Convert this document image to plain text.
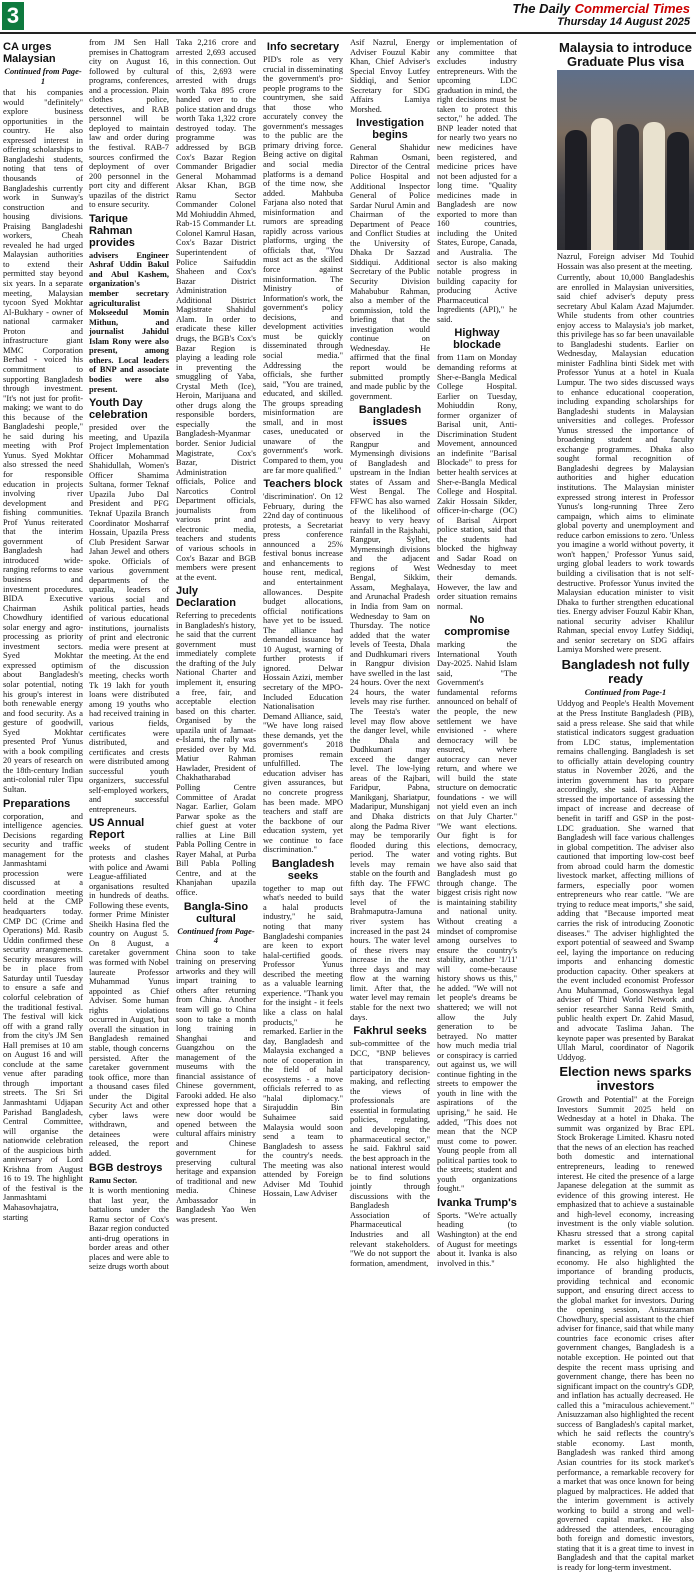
3	The Daily Commercial Times
Thursday 14 August 2025
CA urges Malaysian
Continued from Page-1

that his companies would "definitely" explore business opportunities in the country. He also expressed interest in offering scholarships to Bangladeshi students, noting that tens of thousands of Bangladeshis currently work in Sunway's construction and housing divisions. Praising Bangladeshi workers, Cheah revealed he had urged Malaysian authorities to extend their permitted stay beyond six years. In a separate meeting, Malaysian tycoon Syed Mokhtar Al-Bukhary - owner of national carmaker Proton and infrastructure giant MMC Corporation Berhad - voiced his commitment to supporting Bangladesh through investment. "It's not just for profit-making; we want to do this because of the Bangladeshi people," he said during his meeting with Prof Yunus. Syed Mokhtar also stressed the need for responsible education in projects involving river development and fishing communities. Prof Yunus reiterated that the interim government of Bangladesh had introduced wide-ranging reforms to ease business and investment procedures. BIDA Executive Chairman Ashik Chowdhury identified solar energy and agro-processing as priority investment sectors. Syed Mokhtar expressed optimism about Bangladesh's solar potential, noting his group's interest in both renewable energy and food security. As a gesture of goodwill, Syed Mokhtar presented Prof Yunus with a book compiling 20 years of research on the 18th-century Indian anti-colonial ruler Tipu Sultan.

Preparations

corporation, and intelligence agencies. Decisions regarding security and traffic management for the Janmashtami procession were discussed at a coordination meeting held at the CMP headquarters today. CMP DC (Crime and Operations) Md. Rasib Uddin confirmed these security arrangements. Security measures will be in place from Saturday until Tuesday to ensure a safe and colorful celebration of the traditional festival. The festival will kick off with a grand rally from the city's JM Sen Hall premises at 10 am on August 16 and will conclude at the same venue after parading through important streets. The Sri Sri Janmashtami Udjapan Parishad Bangladesh, Central Committee, will organise the nationwide celebration of the auspicious birth anniversary of Lord Krishna from August 16 to 19. The highlight of the festival is the Janmashtami Mahasovhajatra, starting

from JM Sen Hall premises in Chattogram city on August 16, followed by cultural programs, conferences, and a procession. Plain clothes police, detectives, and RAB personnel will be deployed to maintain law and order during the festival. RAB-7 sources confirmed the deployment of over 200 personnel in the port city and different upazilas of the district to ensure security.

Tarique Rahman provides

advisers Engineer Ashraf Uddin Bakul and Abul Kashem, organization's member secretary agriculturalist Mokseedul Momin Mithun, and journalist Jahidul Islam Rony were also present, among others. Local leaders of BNP and associate bodies were also present.

Youth Day celebration

presided over the meeting, and Upazila Project Implementation Officer Mohammad Shahidullah, Women's Officer Shamima Sultana, former Teknaf Upazila Jubo Dal President and PFG Teknaf Upazila Branch Coordinator Mosharraf Hossain, Upazila Press Club President Sarwar Jahan Jewel and others spoke. Officials of various government departments of the upazila, leaders of various social and political parties, heads of various educational institutions, journalists of print and electronic media were present at the meeting. At the end of the discussion meeting, checks worth Tk 19 lakh for youth loans were distributed among 19 youths who had received training in various fields, certificates were distributed, and certificates and crests were distributed among successful youth organizers, successful self-employed workers, and successful entrepreneurs.

US Annual Report

weeks of student protests and clashes with police and Awami League-affiliated organisations resulted in hundreds of deaths. Following these events, former Prime Minister Sheikh Hasina fled the country on August 5. On 8 August, a caretaker government was formed with Nobel laureate Professor Muhammad Yunus appointed as Chief Adviser. Some human rights violations occurred in August, but overall the situation in Bangladesh remained stable, though concerns persisted. After the caretaker government took office, more than a thousand cases filed under the Digital Security Act and other cyber laws were withdrawn, and detainees were released, the report added.

BGB destroys

Ramu Sector.

It is worth mentioning that last year, the battalions under the Ramu sector of Cox's Bazar region conducted anti-drug operations in border areas and other places and were able to seize drugs worth about

Taka 2,216 crore and arrested 2,693 accused in this connection. Out of this, 2,693 were arrested with drugs worth Taka 895 crore handed over to the police station and drugs worth Taka 1,322 crore destroyed today. The programme was addressed by BGB Cox's Bazar Region Commander Brigadier General Mohammad Aksar Khan, BGB Ramu Sector Commander Colonel Md Mohiuddin Ahmed, Rab-15 Commander Lt. Colonel Kamrul Hasan, Cox's Bazar District Superintendent of Police Saifuddin Shaheen and Cox's Bazar District Administration Additional District Magistrate Shahidul Alam. In order to eradicate these killer drugs, the BGB's Cox's Bazar Region is playing a leading role in preventing the smuggling of Yaba, Crystal Meth (Ice), Heroin, Marijuana and other drugs along the responsible borders, especially the Bangladesh-Myanmar border. Senior Judicial Magistrate, Cox's Bazar, District Administration officials, Police and Narcotics Control Department officials, journalists from various print and electronic media, teachers and students of various schools in Cox's Bazar and BGB members were present at the event.

July Declaration

Referring to precedents in Bangladesh's history, he said that the current government must immediately complete the drafting of the July National Charter and implement it, ensuring a free, fair, and acceptable election based on this charter. Organised by the upazila unit of Jamaat-e-Islami, the rally was presided over by Md. Matiur Rahman Hawlader, President of Chakhatharabad Polling Centre Committee of Aradat Nagar. Earlier, Golam Parwar spoke as the chief guest at voter rallies at Line Bill Pabla Polling Centre in Rayer Mahal, at Purba Bill Pabla Polling Centre, and at the Khanjahan upazila office.

Bangla-Sino cultural
Continued from Page-4

China soon to take training on preserving artworks and they will impart training to others after returning from China. Another team will go to China soon to take a month long training in Shanghai and Guangzhou on the management of the museums with the financial assistance of Chinese government, Farooki added. He also expressed hope that a new door would be opened between the cultural affairs ministry and Chinese government for preserving cultural heritage and expansion of traditional and new media. Chinese Ambassador in Bangladesh Yao Wen was present.

Info secretary

PID's role as very crucial in disseminating the government's pro-people programs to the countrymen, she said that those who accurately convey the government's messages to the public are the primary driving force. Being active on digital and social media platforms is a demand of the time now, she added. Mahbuba Farjana also noted that misinformation and rumors are spreading rapidly across various platforms, urging the officials that, "You must act as the skilled force against misinformation. The Ministry of Information's work, the government's policy decisions, and development activities must be quickly disseminated through social media." Addressing the officials, she further said, "You are trained, educated, and skilled. The groups spreading misinformation are small, and in most cases, uneducated or unaware of the government's work. Compared to them, you are far more qualified."

Teachers block

'discrimination'. On 12 February, during the 22nd day of continuous protests, a Secretariat press conference announced a 25% festival bonus increase and enhancements to house rent, medical, and entertainment allowances. Despite budget allocations, official notifications have yet to be issued. The alliance had demanded issuance by 10 August, warning of further protests if ignored. Delwar Hossain Azizi, member secretary of the MPO-Included Education Nationalisation Demand Alliance, said, "We have long raised these demands, yet the government's 2018 promises remain unfulfilled. The education adviser has given assurances, but no concrete progress has been made. MPO teachers and staff are the backbone of our education system, yet we continue to face discrimination."

Bangladesh seeks

together to map out what's needed to build a halal products industry," he said, noting that many Bangladeshi companies are keen to export halal-certified goods. Professor Yunus described the meeting as a valuable learning experience. "Thank you for the insight - it feels like a class on halal products," he remarked. Earlier in the day, Bangladesh and Malaysia exchanged a note of cooperation in the field of halal ecosystems - a move officials referred to as "halal diplomacy." Sirajuddin Bin Suhaimee said Malaysia would soon send a team to Bangladesh to assess the country's needs. The meeting was also attended by Foreign Adviser Md Touhid Hossain, Law Adviser

Asif Nazrul, Energy Adviser Fouzul Kabir Khan, Chief Adviser's Special Envoy Lutfey Siddiqi, and Senior Secretary for SDG Affairs Lamiya Morshed.

Investigation begins

General Shahidur Rahman Osmani, Director of the Central Police Hospital and Additional Inspector General of Police Sardar Nurul Amin and Chairman of the Department of Peace and Conflict Studies at the University of Dhaka Dr Sazzad Siddiqui. Additional Secretary of the Public Security Division Mahabubur Rahman, also a member of the commission, told the briefing that the investigation would continue on Wednesday. He affirmed that the final report would be submitted promptly and made public by the government.

Bangladesh issues

observed in the Rangpur and Mymensingh divisions of Bangladesh and upstream in the Indian states of Assam and West Bengal. The FFWC has also warned of the likelihood of heavy to very heavy rainfall in the Rajshahi, Rangpur, Sylhet, Mymensingh divisions and the adjacent regions of West Bengal, Sikkim, Assam, Meghalaya, and Arunachal Pradesh in India from 9am on Wednesday to 9am on Thursday. The notice added that the water levels of Teesta, Dhala and Dudhkumari rivers in Rangpur division have swelled in the last 24 hours. Over the next 24 hours, the water levels may rise further. The Teesta's water level may flow above the danger level, while the Dhala and Dudhkumari may exceed the danger level. The low-lying areas of the Rajbari, Faridpur, Pabna, Manikganj, Shariatpur, Madaripur, Munshiganj and Dhaka districts along the Padma River may be temporarily flooded during this period. The water levels may remain stable on the fourth and fifth day. The FFWC says that the water level of the Brahmaputra-Jamuna river system has increased in the past 24 hours. The water level of these rivers may increase in the next three days and may flow at the warning limit. After that, the water level may remain stable for the next two days.

Fakhrul seeks

sub-committee of the DCC, "BNP believes that transparency, participatory decision-making, and reflecting the views of professionals are essential in formulating policies, regulating, and developing the pharmaceutical sector," he said. Fakhrul said the best approach in the national interest would be to find solutions jointly through discussions with the Bangladesh Association of Pharmaceutical Industries and all relevant stakeholders. "We do not support the formation, amendment,

or implementation of any committee that excludes industry entrepreneurs. With the upcoming LDC graduation in mind, the right decisions must be taken to protect this sector," he added. The BNP leader noted that for nearly two years no new medicines have been registered, and medicine prices have not been adjusted for a long time. "Quality medicines made in Bangladesh are now exported to more than 160 countries, including the United States, Europe, Canada, and Australia. The sector is also making notable progress in building capacity for producing Active Pharmaceutical Ingredients (API)," he said.

Highway blockade

from 11am on Monday demanding reforms at Sher-e-Bangla Medical College Hospital. Earlier on Tuesday, Mohiuddin Rony, former organizer of Barisal unit, Anti-Discrimination Student Movement, announced an indefinite "Barisal Blockade" to press for better health services at Sher-e-Bangla Medical College and Hospital. Zakir Hossain Sikder, officer-in-charge (OC) of Barisal Airport police station, said that the students had blocked the highway and Sadar Road on Wednesday to meet their demands. However, the law and order situation remains normal.

No compromise

marking the International Youth Day-2025. Nahid Islam said, "The Government's fundamental reforms announced on behalf of the people, the new settlement we have envisioned - where democracy will be ensured, where autocracy can never return, and where we will build the state structure on democratic foundations - we will not yield even an inch on that July Charter." "We want elections. Our fight is for elections, democracy, and voting rights. But we have also said that Bangladesh must go through change. The biggest crisis right now is maintaining stability and national unity. Without creating a mindset of compromise among ourselves to ensure the country's stability, another '1/11' will come-because history shows us this," he added. "We will not let people's dreams be shattered; we will not allow the July generation to be betrayed. No matter how much media trial or conspiracy is carried out against us, we will continue fighting in the streets to empower the youth in line with the aspirations of the uprising," he said. He added, "This does not mean that the NCP must come to power. Young people from all political parties took to the streets; student and youth organizations fought."

Ivanka Trump's

Sports. "We're actually heading (to Washington) at the end of August for meetings about it. Ivanka is also involved in this."

Malaysia to introduce Graduate Plus visa

Nazrul, Foreign adviser Md Touhid Hossain was also present at the meeting.

Currently, about 10,000 Bangladeshis are enrolled in Malaysian universities, said chief adviser's deputy press secretary Abul Kalam Azad Majumder. While students from other countries enjoy access to Malaysia's job market, this privilege has so far been unavailable to Bangladeshi students. Earlier on Wednesday, Malaysian education minister Fadhlina binti Sidek met with Professor Yunus at a hotel in Kuala Lumpur. The two sides discussed ways to enhance educational cooperation, including expanding scholarships for Bangladeshi students in Malaysian universities and colleges. Professor Yunus stressed the importance of broadening student and faculty exchange programmes. Dhaka also sought formal recognition of Bangladeshi degrees by Malaysian authorities and higher education institutions. The Malaysian minister expressed strong interest in Professor Yunus's long-running Three Zero campaign, which aims to eliminate global poverty and unemployment and reduce carbon emissions to zero. 'Unless you imagine a world without poverty, it won't happen,' Professor Yunus said, urging global leaders to work towards building a civilisation that is not self-destructive. Professor Yunus invited the Malaysian education minister to visit Dhaka to further strengthen educational ties. Energy adviser Fouzul Kabir Khan, national security adviser Khalilur Rahman, special envoy Lutfey Siddiqi, and senior secretary on SDG affairs Lamiya Morshed were present.

Bangladesh not fully ready
Continued from Page-1

Uddyog and People's Health Movement at the Press Institute Bangladesh (PIB), said a press release. She said that while statistical indicators suggest graduation from LDC status, implementation remains challenging. Bangladesh is set to officially attain developing country status in November 2026, and the interim government has to prepare accordingly, she said. Farida Akhter stressed the importance of assessing the impact of increase and decrease of benefit in tariff and GSP in the post-LDC graduation. She warned that Bangladesh will face various challenges in global competition. The adviser also cautioned that importing low-cost beef from abroad could harm the domestic livestock market, affecting millions of farmers, especially poor women entrepreneurs who rear cattle. "We are trying to reduce meat imports," she said, adding that "Because imported meat carries the risk of introducing Zoonotic diseases." The adviser highlighted the export potential of seaweed and Swamp eel, laying the importance on reducing imports and enhancing domestic production capacity. Other speakers at the event included economist Professor Anu Muhammad, Gonoswasthya legal adviser of Third World Network and senior researcher Sanna Reid Smith, public health expert Dr. Zahid Masud, and advocate Taslima Jahan. The keynote paper was presented by Barakat Ullah Marul, coordinator of Nagorik Uddyog.

Election news sparks investors

Growth and Potential" at the Foreign Investors Summit 2025 held on Wednesday at a hotel in Dhaka. The summit was organized by Brac EPL Stock Brokerage Limited. Khasru noted that the news of an election has reached both domestic and international entrepreneurs, leading to renewed interest. He cited the presence of a large Japanese delegation at the summit as evidence of this growing interest. He emphasized that to achieve a sustainable and high-level economy, increasing investment is the only viable solution. Khasru stressed that a strong capital market is essential for long-term financing, as relying on loans or economy. He also highlighted the importance of branding products, providing technical and economic support, and ensuring direct access to the global market for investors. During the opening session, Anisuzzaman Chowdhury, special assistant to the chief adviser for finance, said that while many countries face economic crises after government changes, Bangladesh is a notable exception. He pointed out that despite the recent mass uprising and government change, there has been no significant impact on the country's GDP, and inflation has actually decreased. He called this a "miraculous achievement." Anisuzzaman also highlighted the recent success of Bangladesh's capital market, which he said reflects the country's stable economy. Last month, Bangladesh was ranked third among Asian countries for its stock market's performance, a remarkable recovery for a market that was once known for being plagued by malpractices. He added that the interim government is actively working to build a strong and well-governed capital market. He also addressed the attendees, encouraging both foreign and domestic investors, stating that it is a great time to invest in Bangladesh and that the capital market is ready for long-term investment.
